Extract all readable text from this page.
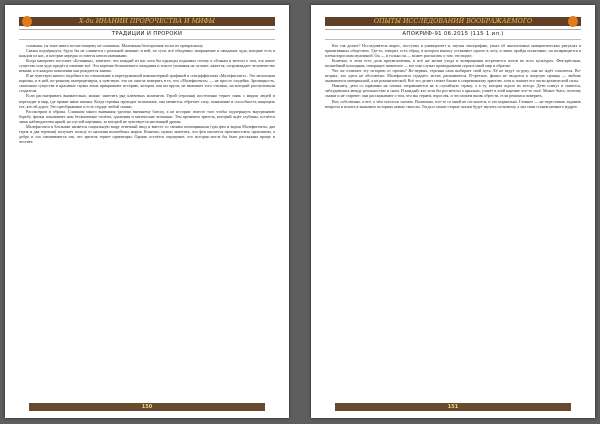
Х-ди ИНАНИИ ПРОРОЧЕСТВА И МИФЫ
ТРАДИЦИИ И ПРОРОКИ

сознания, ты тоже никто по-настоящему не слышишь. Маленькая беспорочная тоска по прекрасному.

Сказка подчёркнута, будто бы не сливается с реальной жизнью: в ней, по сути, всё обыденно: напряжение и ожидание чуда, которые есть в каждом из нас, и которые нередко остаются неисполненными.

Когда наперевес поселяет «Ботаника», заметьте, что каждый из нас хотя бы однажды поднимал голову к облакам и мечтал о том, что некое существо или чудо придёт и изменит всё. Эта картина бесконечного ожидания и тихого упования на лучшее, кажется, сопровождает человечество веками, и в каждом поколении она рождается заново.

Я не чувствую ничего подобного по отношению к перегруженной компьютерной графикой и спецэффектами «Малефисенте». Это непохожая картина, и в ней, по-разному интерпретируя, я чувствую, что не смогла поверить в то, что «Малефисента» — не просто злодейка. Зрелищность, сказочные существа и красивые сцены лишь прикрывают историю, которая, как ни крути, не вызывает того отклика, на который рассчитывали создатели.

Если рассматривать внимательно, можно заметить ряд ключевых моментов. Герой (героиня) постепенно теряет связь с миром людей и переходит в мир, где правят иные законы. Когда героиня проходит испытание, она меняется: обретает силу, понимание и способность защищать тех, кто ей дорог. Это преображение и есть сердце любой сказки.

Рассмотрим и образы. Слишком много внимания уделено внешнему блеску, а не истории: вместо того чтобы подчеркнуть внутреннюю борьбу, фильм показывает нам бесконечные полёты, сражения и магические вспышки. Тем временем зритель, который ждёт глубины, остаётся лишь наблюдателем яркой, но пустой картинки, за которой не чувствуется настоящей драмы.

Малефисента в Ботанике является социальную миру ответный ввод и вместе со своими помощниками (три феи и ворон Малефисенты, два героя и два героини) получает пользу от наличия волшебных миров. Конечно, нужно заметить, что фея пытается противостоять проклятию, а добро и зло смешиваются так, что зритель теряет ориентиры. Однако остаётся ощущение, что история могла бы быть рассказана проще и честнее.

150
ОПЫТЫ ИССЛЕДОВАНИЙ ВООБРАЖАЕМОГО
АПОКРИФ-91 06.2015 (115 1 ил.)

Кто так делает? Исследователь вырос, поступил в университет и, изучая этнографию, узнал об аналогичных инициатических ритуалах в примитивных обществах. Где-то, говорят, есть обряд, в котором юношу оставляют одного в лесу, и лишь пройдя испытание, он возвращается в племя взрослым мужчиной. Он — и только он — может рассказать о том, что видел.

Конечно, в этом есть доля преувеличения, и всё же мотив ухода и возвращения встречается почти во всех культурах. Фея-крёстная, волшебный помощник, говорящее животное — все они служат проводниками героя в иной мир и обратно.

Что же отличает эту историю от прочих? Во-первых, героиня сама выбирает свой путь. Её не ведут за руку, она не ждёт спасителя. Во-вторых, зло здесь не абсолютно: Малефисента страдает, мстит, раскаивается. В-третьих, финал не сводится к поцелую принца — любовь оказывается материнской, а не романтической. Всё это делает сюжет ближе к современному зрителю, хотя и лишает его части архаической силы.

Наконец, дети со шрамами на спинах отправляются не в случайную страну, а в ту, которая ждала их всегда. Дети плачут и смеются, заблудившись между реальностью и сном. И каждый, кто хотя бы раз мечтал о крыльях, узнаёт в этой картине что-то своё. Может быть, поэтому сказки и не стареют: они рассказывают о том, что мы теряем, взрослея, и что можем вновь обрести, если решимся поверить.

Вот, собственно, и всё, о чём хотелось сказать. Возможно, кто-то со мной не согласится, и это нормально. Главное — не переставать задавать вопросы и искать в знакомых историях новые смыслы. Тогда и самые старые сказки будут звучать по-новому, а мы сами станем немного мудрее.

151
